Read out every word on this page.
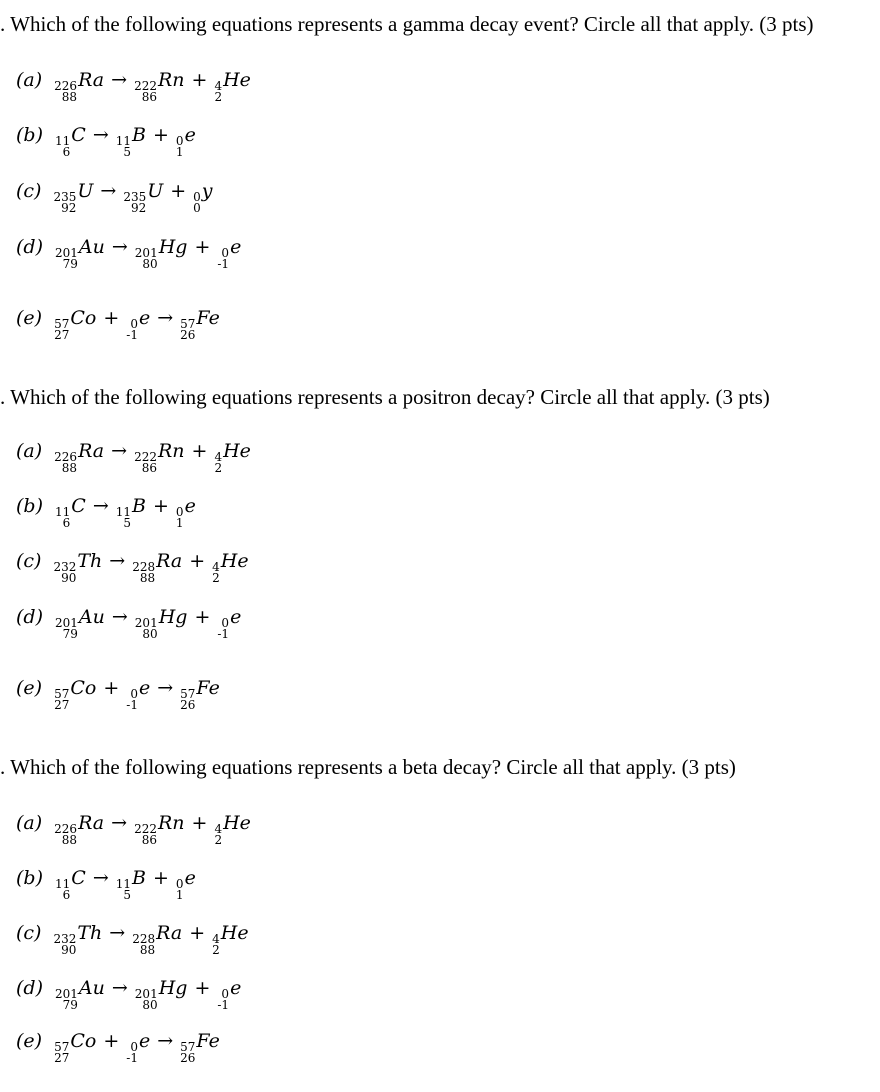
. Which of the following equations represents a gamma decay event? Circle all that apply. (3 pts)
(a) 226
88
Ra → 222
86
Rn + 4
2
He
(b) 11
6
C → 11
5
B + 0
1
e
(c) 235
92
U → 235
92
U + 0
0
y
(d) 201
79
Au → 201
80
Hg + 0
-1
e
(e) 57
27
Co + 0
-1
e → 57
26
Fe
. Which of the following equations represents a positron decay? Circle all that apply. (3 pts)
(a) 226
88
Ra → 222
86
Rn + 4
2
He
(b) 11
6
C → 11
5
B + 0
1
e
(c) 232
90
Th → 228
88
Ra + 4
2
He
(d) 201
79
Au → 201
80
Hg + 0
-1
e
(e) 57
27
Co + 0
-1
e → 57
26
Fe
. Which of the following equations represents a beta decay? Circle all that apply. (3 pts)
(a) 226
88
Ra → 222
86
Rn + 4
2
He
(b) 11
6
C → 11
5
B + 0
1
e
(c) 232
90
Th → 228
88
Ra + 4
2
He
(d) 201
79
Au → 201
80
Hg + 0
-1
e
(e) 57
27
Co + 0
-1
e → 57
26
Fe
